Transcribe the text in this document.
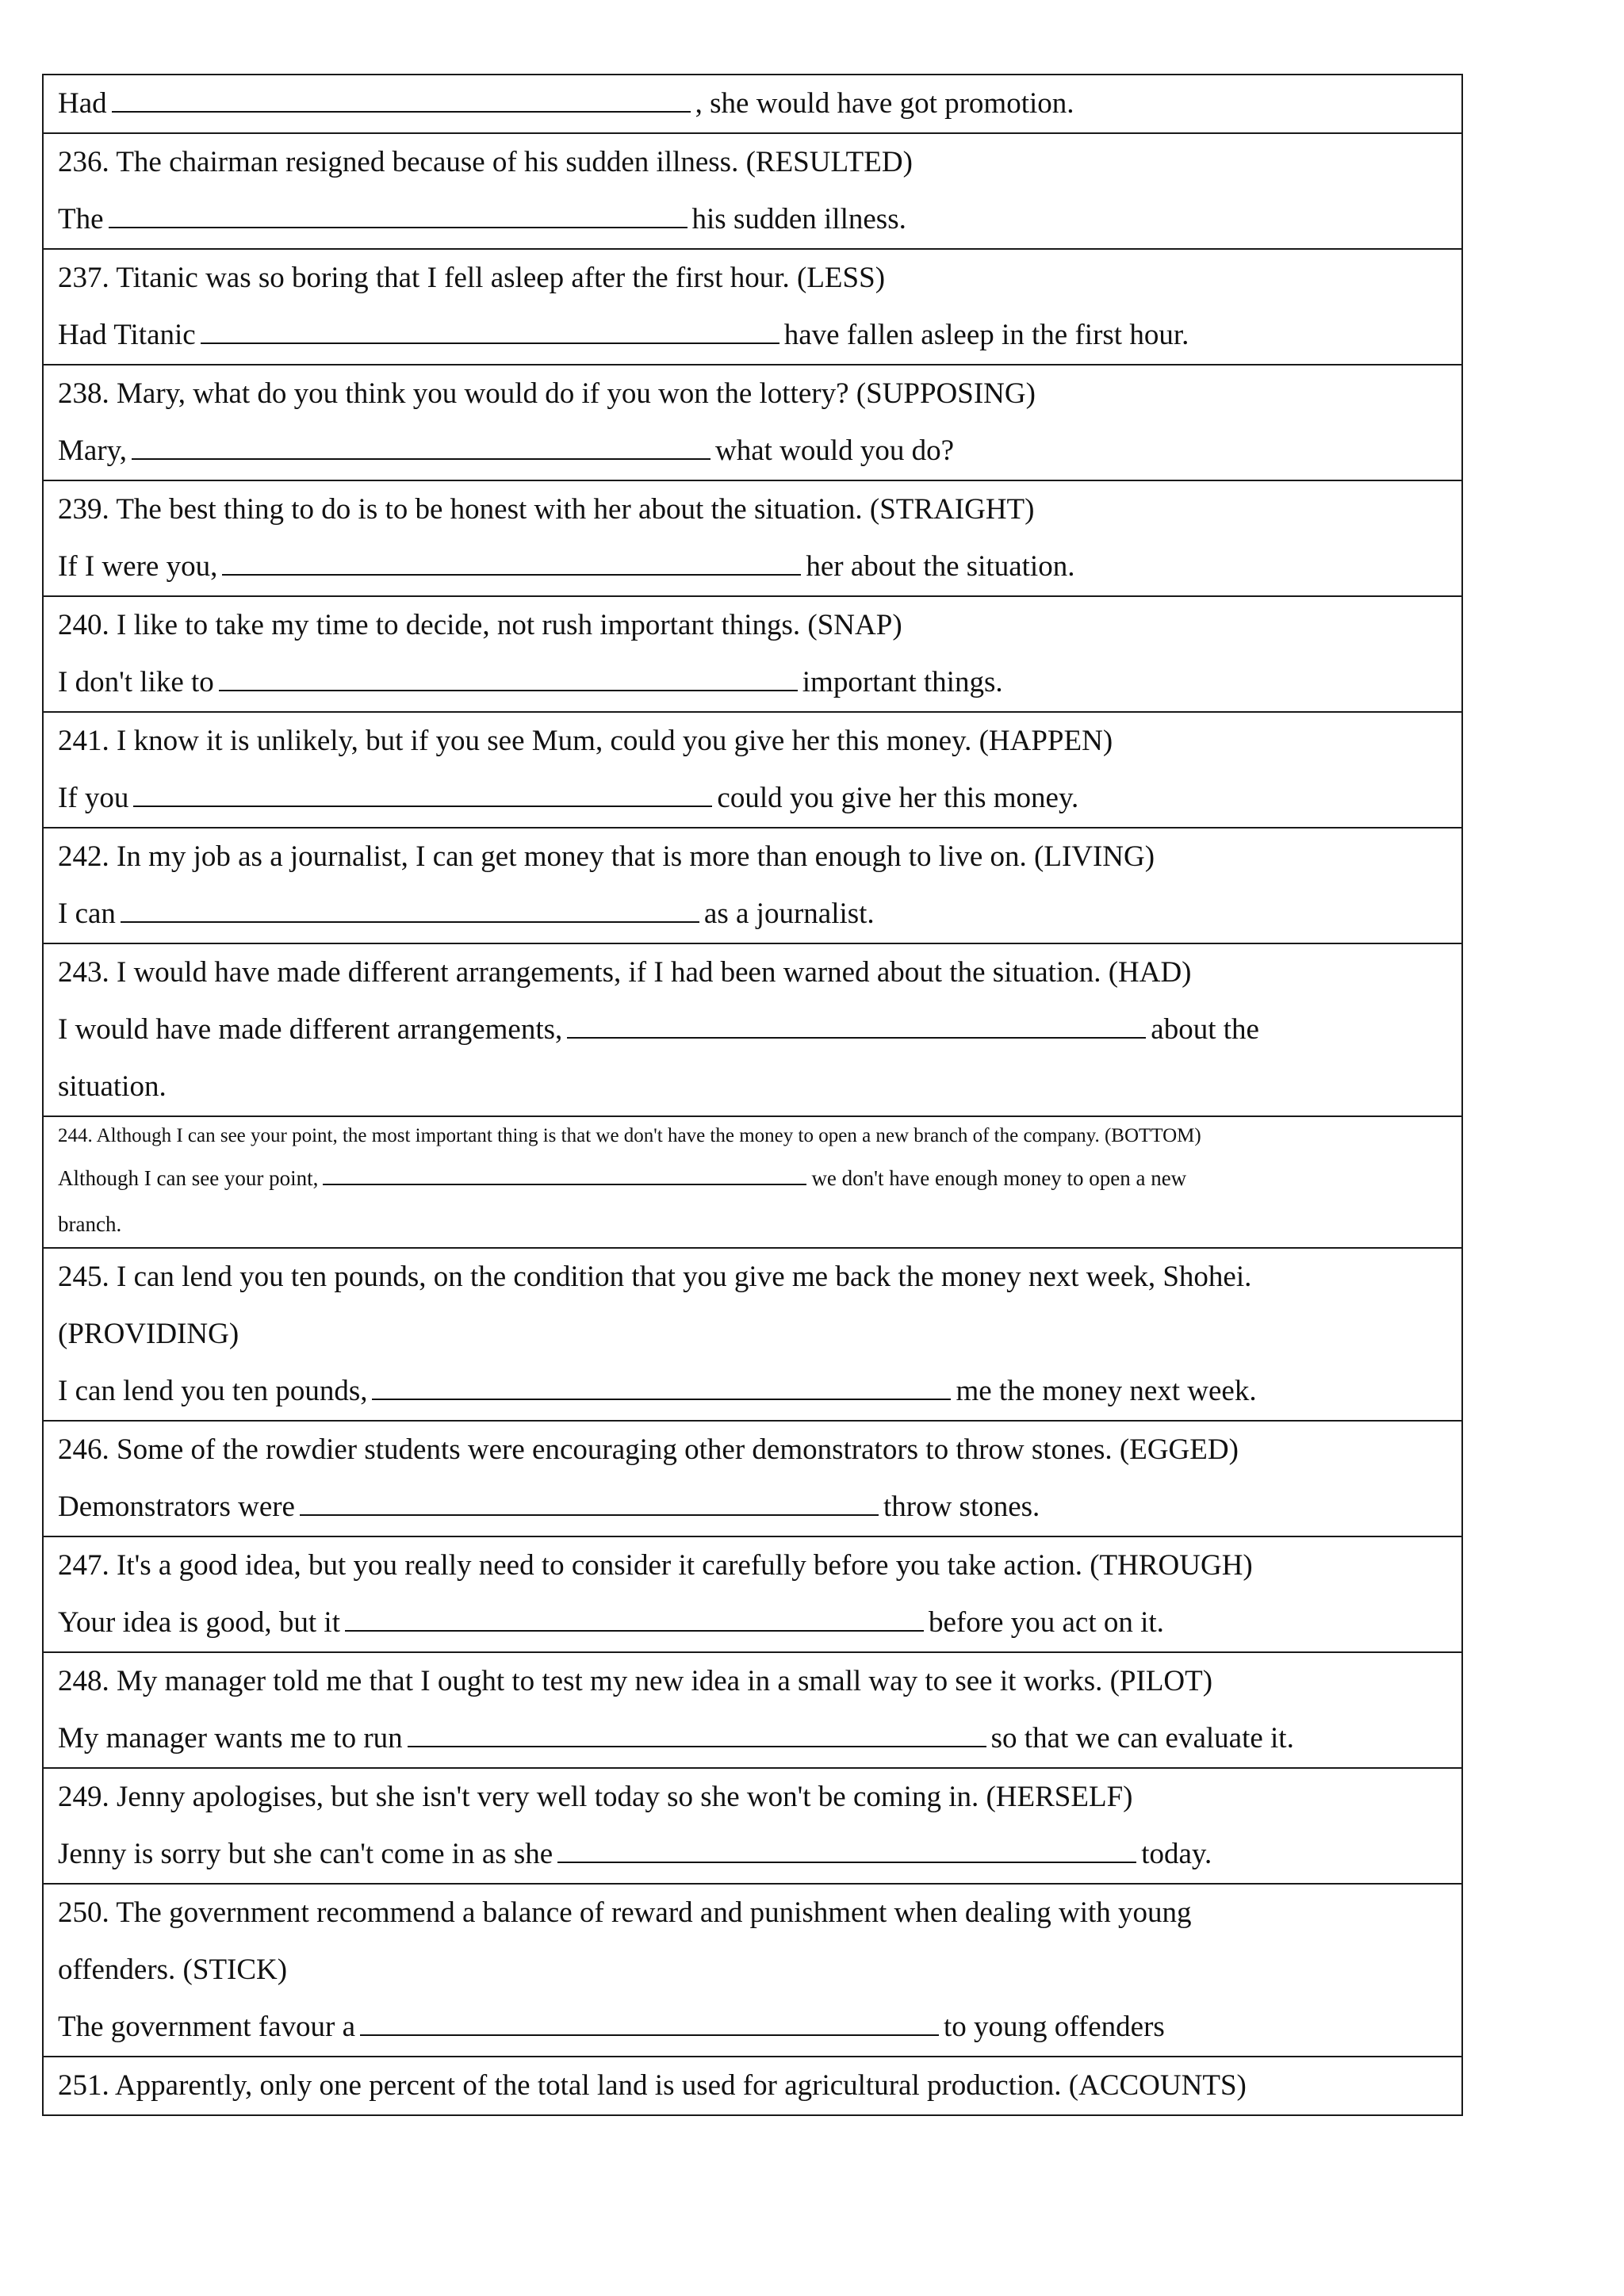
Had	, she would have got promotion.

236. The chairman resigned because of his sudden illness. (RESULTED)
The	his sudden illness.

237. Titanic was so boring that I fell asleep after the first hour. (LESS)
Had Titanic	have fallen asleep in the first hour.

238. Mary, what do you think you would do if you won the lottery? (SUPPOSING)
Mary,	what would you do?

239. The best thing to do is to be honest with her about the situation. (STRAIGHT)
If I were you,	her about the situation.

240. I like to take my time to decide, not rush important things. (SNAP)
I don't like to	important things.

241. I know it is unlikely, but if you see Mum, could you give her this money. (HAPPEN)
If you	could you give her this money.

242. In my job as a journalist, I can get money that is more than enough to live on. (LIVING)
I can	as a journalist.

243. I would have made different arrangements, if I had been warned about the situation. (HAD)
I would have made different arrangements,	about the
situation.

244. Although I can see your point, the most important thing is that we don't have the money to open a new branch of the company. (BOTTOM)
Although I can see your point,	we don't have enough money to open a new
branch.

245. I can lend you ten pounds, on the condition that you give me back the money next week, Shohei.
(PROVIDING)
I can lend you ten pounds,	me the money next week.

246. Some of the rowdier students were encouraging other demonstrators to throw stones. (EGGED)
Demonstrators were	throw stones.

247. It's a good idea, but you really need to consider it carefully before you take action. (THROUGH)
Your idea is good, but it	before you act on it.

248. My manager told me that I ought to test my new idea in a small way to see it works. (PILOT)
My manager wants me to run	so that we can evaluate it.

249. Jenny apologises, but she isn't very well today so she won't be coming in. (HERSELF)
Jenny is sorry but she can't come in as she	today.

250. The government recommend a balance of reward and punishment when dealing with young
offenders. (STICK)
The government favour a	to young offenders

251. Apparently, only one percent of the total land is used for agricultural production. (ACCOUNTS)
